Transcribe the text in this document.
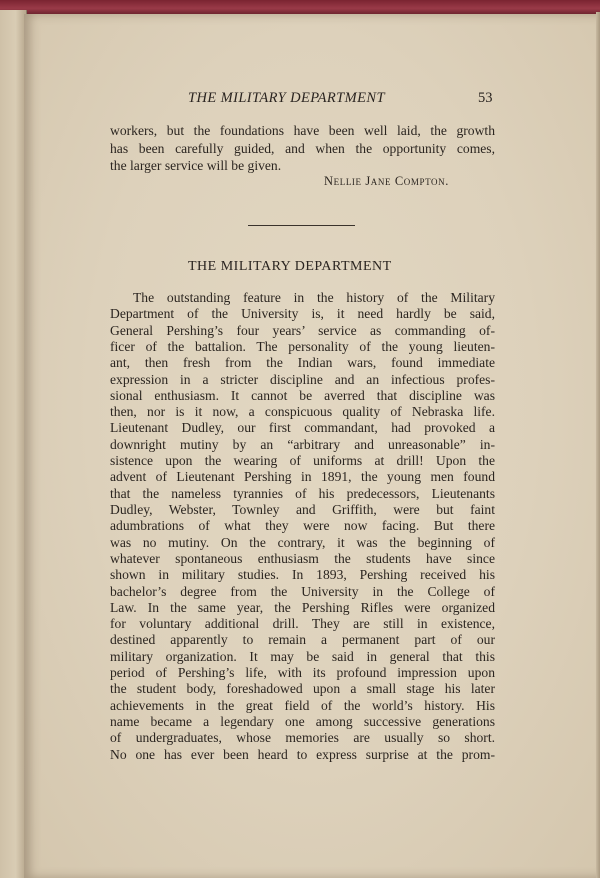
THE MILITARY DEPARTMENT	53
workers, but the foundations have been well laid, the growth
has been carefully guided, and when the opportunity comes,
the larger service will be given.
Nellie Jane Compton.
THE MILITARY DEPARTMENT
The outstanding feature in the history of the Military
Department of the University is, it need hardly be said,
General Pershing’s four years’ service as commanding of-
ficer of the battalion. The personality of the young lieuten-
ant, then fresh from the Indian wars, found immediate
expression in a stricter discipline and an infectious profes-
sional enthusiasm. It cannot be averred that discipline was
then, nor is it now, a conspicuous quality of Nebraska life.
Lieutenant Dudley, our first commandant, had provoked a
downright mutiny by an “arbitrary and unreasonable” in-
sistence upon the wearing of uniforms at drill! Upon the
advent of Lieutenant Pershing in 1891, the young men found
that the nameless tyrannies of his predecessors, Lieutenants
Dudley, Webster, Townley and Griffith, were but faint
adumbrations of what they were now facing. But there
was no mutiny. On the contrary, it was the beginning of
whatever spontaneous enthusiasm the students have since
shown in military studies. In 1893, Pershing received his
bachelor’s degree from the University in the College of
Law. In the same year, the Pershing Rifles were organized
for voluntary additional drill. They are still in existence,
destined apparently to remain a permanent part of our
military organization. It may be said in general that this
period of Pershing’s life, with its profound impression upon
the student body, foreshadowed upon a small stage his later
achievements in the great field of the world’s history. His
name became a legendary one among successive generations
of undergraduates, whose memories are usually so short.
No one has ever been heard to express surprise at the prom-
